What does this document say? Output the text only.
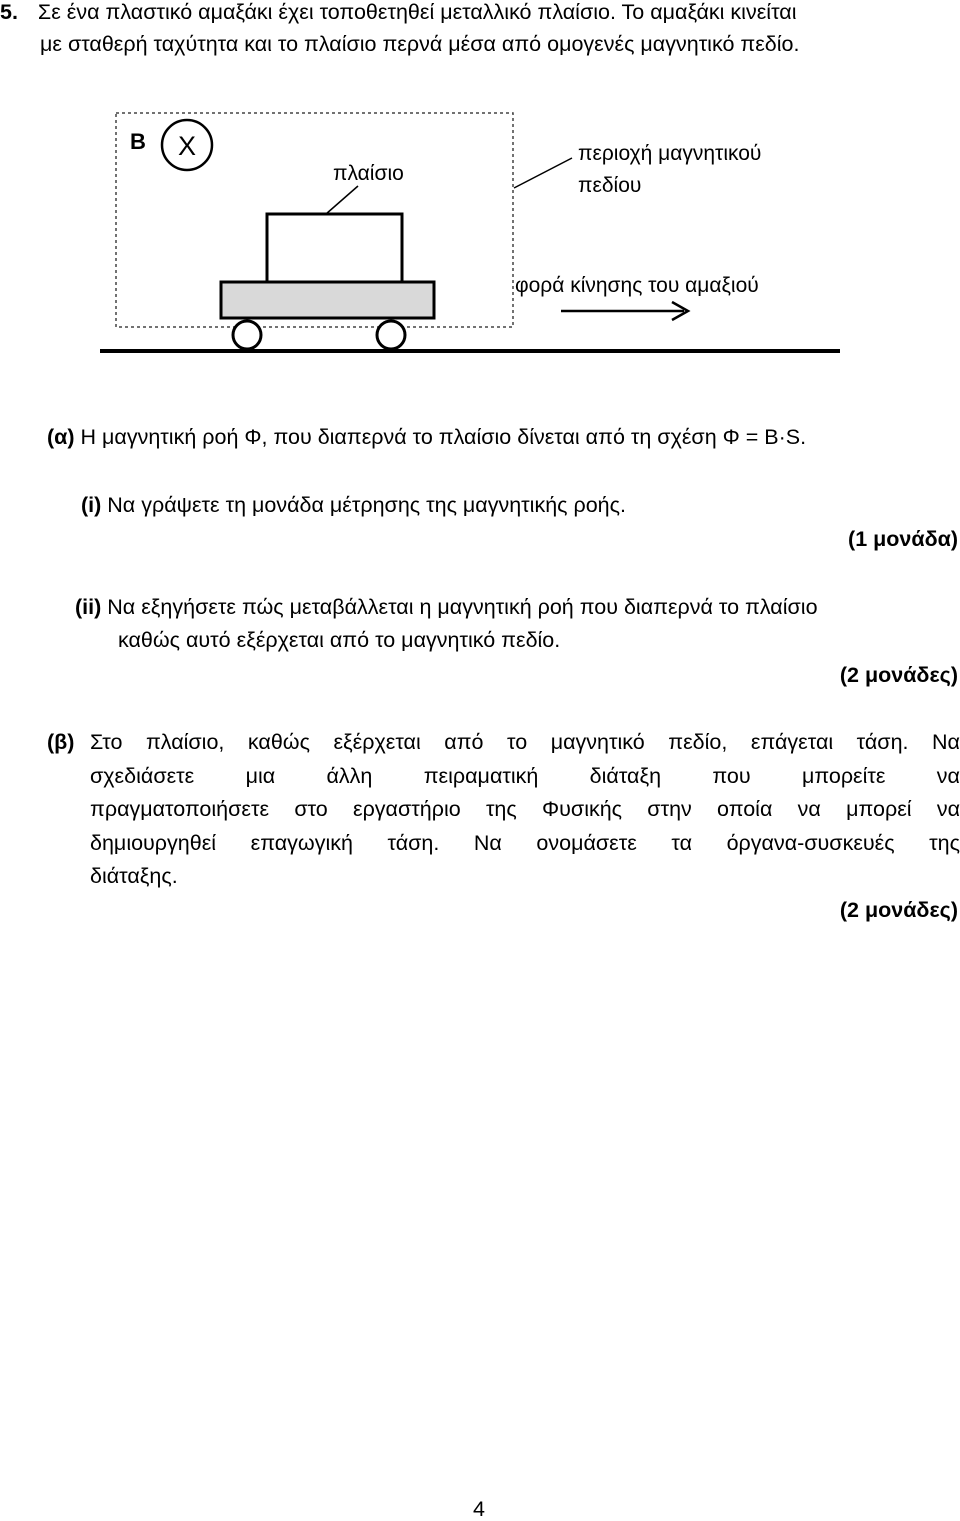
5. Σε ένα πλαστικό αμαξάκι έχει τοποθετηθεί μεταλλικό πλαίσιο. Το αμαξάκι κινείται
με σταθερή ταχύτητα και το πλαίσιο περνά μέσα από ομογενές μαγνητικό πεδίο.
B X
πλαίσιο
περιοχή μαγνητικού
πεδίου
φορά κίνησης του αμαξιού
(α) Η μαγνητική ροή Φ, που διαπερνά το πλαίσιο δίνεται από τη σχέση Φ = B·S.
(i) Να γράψετε τη μονάδα μέτρησης της μαγνητικής ροής.
(1 μονάδα)
(ii) Να εξηγήσετε πώς μεταβάλλεται η μαγνητική ροή που διαπερνά το πλαίσιο
καθώς αυτό εξέρχεται από το μαγνητικό πεδίο.
(2 μονάδες)
(β) Στο πλαίσιο, καθώς εξέρχεται από το μαγνητικό πεδίο, επάγεται τάση. Να
σχεδιάσετε μια άλλη πειραματική διάταξη που μπορείτε να
πραγματοποιήσετε στο εργαστήριο της Φυσικής στην οποία να μπορεί να
δημιουργηθεί επαγωγική τάση. Να ονομάσετε τα όργανα-συσκευές της
διάταξης.
(2 μονάδες)
4
